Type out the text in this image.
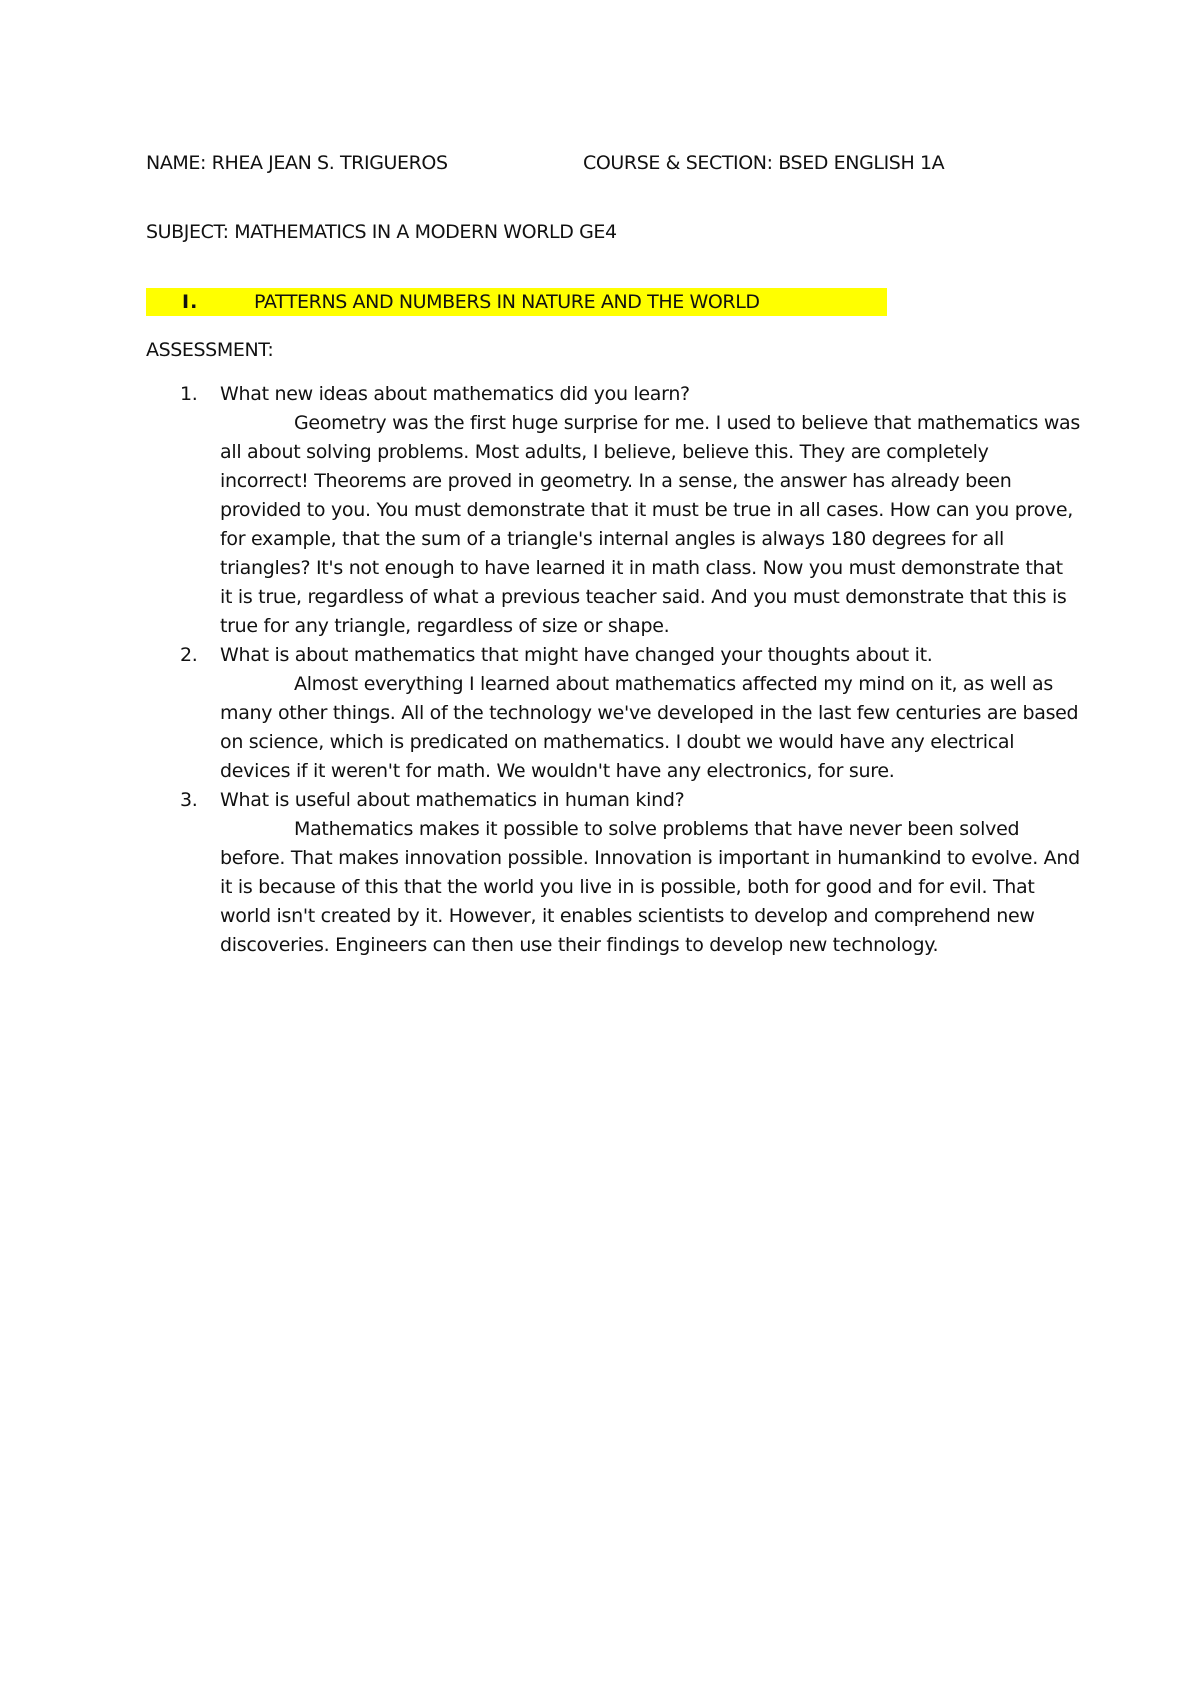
NAME: RHEA JEAN S. TRIGUEROS	COURSE & SECTION: BSED ENGLISH 1A
SUBJECT: MATHEMATICS IN A MODERN WORLD GE4
I.	PATTERNS AND NUMBERS IN NATURE AND THE WORLD
ASSESSMENT:
1. What new ideas about mathematics did you learn?
Geometry was the first huge surprise for me. I used to believe that mathematics was all about solving problems. Most adults, I believe, believe this. They are completely incorrect! Theorems are proved in geometry. In a sense, the answer has already been provided to you. You must demonstrate that it must be true in all cases. How can you prove, for example, that the sum of a triangle's internal angles is always 180 degrees for all triangles? It's not enough to have learned it in math class. Now you must demonstrate that it is true, regardless of what a previous teacher said. And you must demonstrate that this is true for any triangle, regardless of size or shape.
2. What is about mathematics that might have changed your thoughts about it.
Almost everything I learned about mathematics affected my mind on it, as well as many other things. All of the technology we've developed in the last few centuries are based on science, which is predicated on mathematics. I doubt we would have any electrical devices if it weren't for math. We wouldn't have any electronics, for sure.
3. What is useful about mathematics in human kind?
Mathematics makes it possible to solve problems that have never been solved before. That makes innovation possible. Innovation is important in humankind to evolve. And it is because of this that the world you live in is possible, both for good and for evil. That world isn't created by it. However, it enables scientists to develop and comprehend new discoveries. Engineers can then use their findings to develop new technology.
